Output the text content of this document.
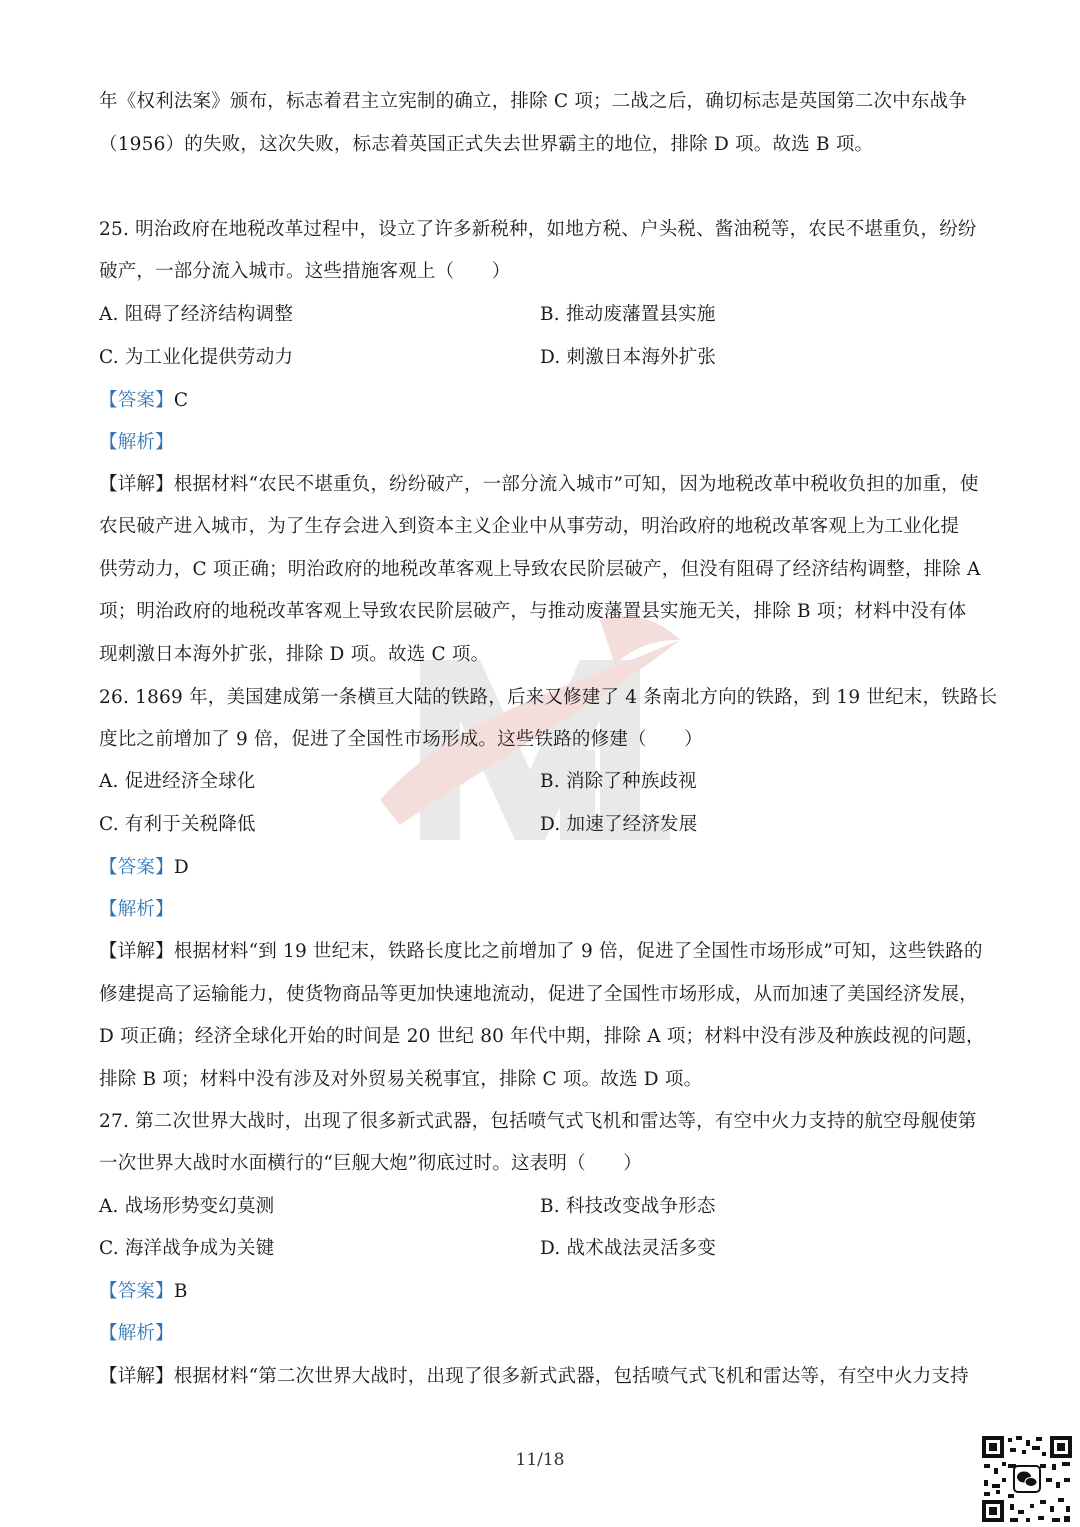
年《权利法案》颁布，标志着君主立宪制的确立，排除 C 项；二战之后，确切标志是英国第二次中东战争
（1956）的失败，这次失败，标志着英国正式失去世界霸主的地位，排除 D 项。故选 B 项。
25. 明治政府在地税改革过程中，设立了许多新税种，如地方税、户头税、酱油税等，农民不堪重负，纷纷
破产，一部分流入城市。这些措施客观上（　　）
A. 阻碍了经济结构调整	B. 推动废藩置县实施
C. 为工业化提供劳动力	D. 刺激日本海外扩张
【答案】C
【解析】
【详解】根据材料“农民不堪重负，纷纷破产，一部分流入城市”可知，因为地税改革中税收负担的加重，使
农民破产进入城市，为了生存会进入到资本主义企业中从事劳动，明治政府的地税改革客观上为工业化提
供劳动力，C 项正确；明治政府的地税改革客观上导致农民阶层破产，但没有阻碍了经济结构调整，排除 A
项；明治政府的地税改革客观上导致农民阶层破产，与推动废藩置县实施无关，排除 B 项；材料中没有体
现刺激日本海外扩张，排除 D 项。故选 C 项。
26. 1869 年，美国建成第一条横亘大陆的铁路，后来又修建了 4 条南北方向的铁路，到 19 世纪末，铁路长
度比之前增加了 9 倍，促进了全国性市场形成。这些铁路的修建（　　）
A. 促进经济全球化	B. 消除了种族歧视
C. 有利于关税降低	D. 加速了经济发展
【答案】D
【解析】
【详解】根据材料“到 19 世纪末，铁路长度比之前增加了 9 倍，促进了全国性市场形成”可知，这些铁路的
修建提高了运输能力，使货物商品等更加快速地流动，促进了全国性市场形成，从而加速了美国经济发展，
D 项正确；经济全球化开始的时间是 20 世纪 80 年代中期，排除 A 项；材料中没有涉及种族歧视的问题，
排除 B 项；材料中没有涉及对外贸易关税事宜，排除 C 项。故选 D 项。
27. 第二次世界大战时，出现了很多新式武器，包括喷气式飞机和雷达等，有空中火力支持的航空母舰使第
一次世界大战时水面横行的“巨舰大炮”彻底过时。这表明（　　）
A. 战场形势变幻莫测	B. 科技改变战争形态
C. 海洋战争成为关键	D. 战术战法灵活多变
【答案】B
【解析】
【详解】根据材料“第二次世界大战时，出现了很多新式武器，包括喷气式飞机和雷达等，有空中火力支持
11/18
